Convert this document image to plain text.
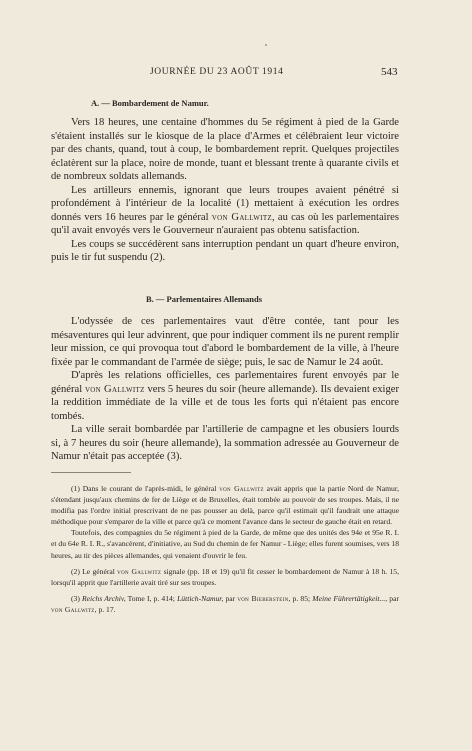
JOURNÉE DU 23 AOÛT 1914	543
A. — Bombardement de Namur.

Vers 18 heures, une centaine d'hommes du 5e régiment à pied de la Garde s'étaient installés sur le kiosque de la place d'Armes et célébraient leur victoire par des chants, quand, tout à coup, le bombardement reprit. Quelques projectiles éclatèrent sur la place, noire de monde, tuant et blessant trente à quarante civils et de nombreux soldats allemands.

Les artilleurs ennemis, ignorant que leurs troupes avaient pénétré si profondément à l'intérieur de la localité (1) mettaient à exécution les ordres donnés vers 16 heures par le général von Gallwitz, au cas où les parlementaires qu'il avait envoyés vers le Gouverneur n'auraient pas obtenu satisfaction.

Les coups se succédèrent sans interruption pendant un quart d'heure environ, puis le tir fut suspendu (2).

B. — Parlementaires Allemands

L'odyssée de ces parlementaires vaut d'être contée, tant pour les mésaventures qui leur advinrent, que pour indiquer comment ils ne purent remplir leur mission, ce qui provoqua tout d'abord le bombardement de la ville, à l'heure fixée par le commandant de l'armée de siège; puis, le sac de Namur le 24 août.

D'après les relations officielles, ces parlementaires furent envoyés par le général von Gallwitz vers 5 heures du soir (heure allemande). Ils devaient exiger la reddition immédiate de la ville et de tous les forts qui n'étaient pas encore tombés.

La ville serait bombardée par l'artillerie de campagne et les obusiers lourds si, à 7 heures du soir (heure allemande), la sommation adressée au Gouverneur de Namur n'était pas acceptée (3).

(1) Dans le courant de l'après-midi, le général von Gallwitz avait appris que la partie Nord de Namur, s'étendant jusqu'aux chemins de fer de Liège et de Bruxelles, était tombée au pouvoir de ses troupes. Mais, il ne modifia pas l'ordre initial prescrivant de ne pas pousser au delà, parce qu'il estimait qu'il faudrait une attaque méthodique pour s'emparer de la ville et parce qu'à ce moment l'avance dans le secteur de gauche était en retard.

Toutefois, des compagnies du 5e régiment à pied de la Garde, de même que des unités des 94e et 95e R. I. et du 64e R. I. R., s'avancèrent, d'initiative, au Sud du chemin de fer Namur - Liège; elles furent soumises, vers 18 heures, au tir des pièces allemandes, qui venaient d'ouvrir le feu.

(2) Le général von Gallwitz signale (pp. 18 et 19) qu'il fit cesser le bombardement de Namur à 18 h. 15, lorsqu'il apprit que l'artillerie avait tiré sur ses troupes.

(3) Reichs Archiv, Tome I, p. 414; Lüttich-Namur, par von Bieberstein, p. 85; Meine Führertätigkeit..., par von Gallwitz, p. 17.
